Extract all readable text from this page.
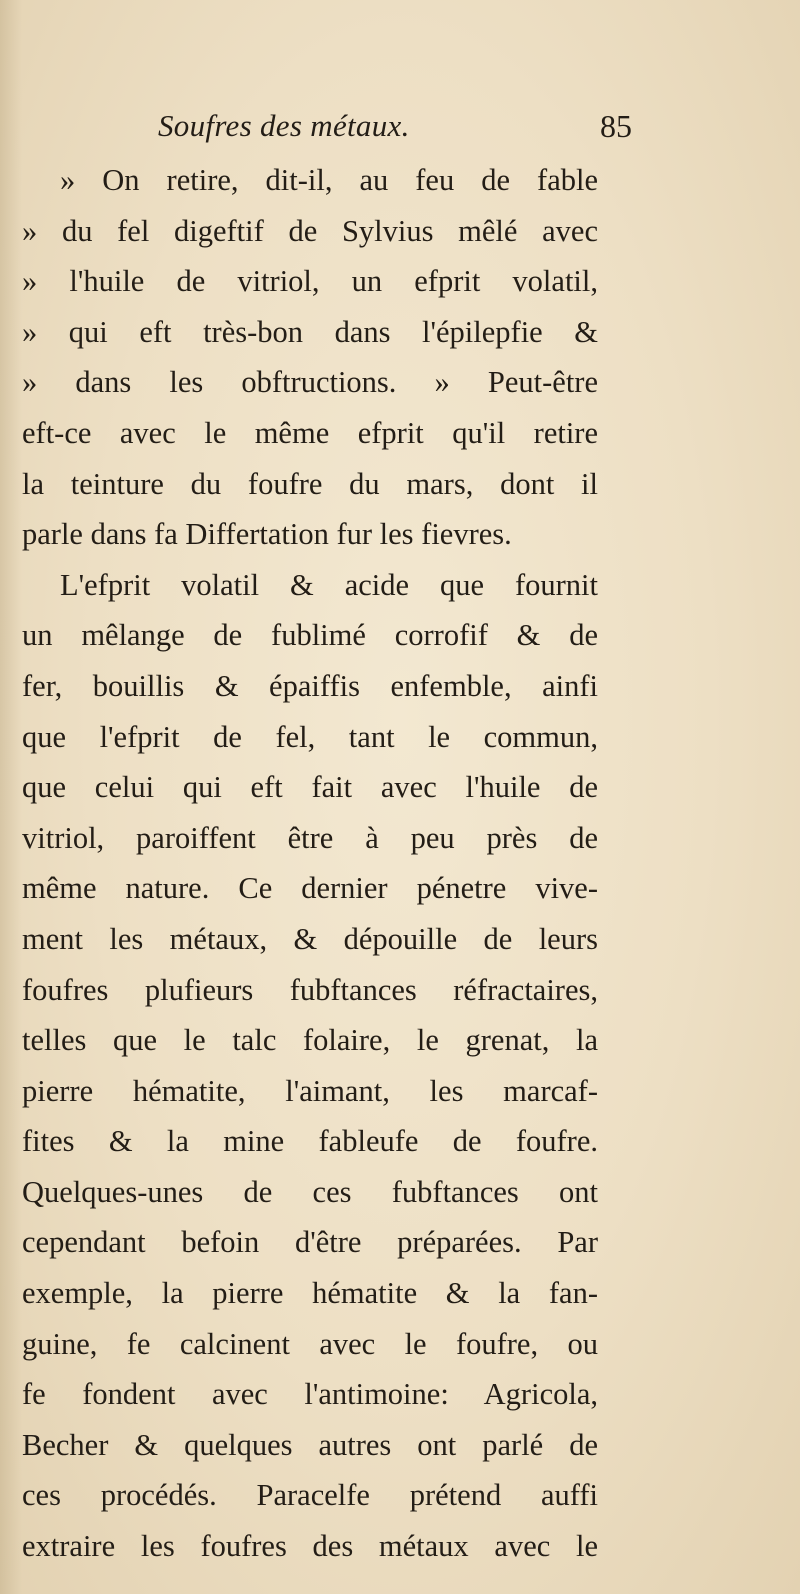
Soufres des métaux.	85
» On retire, dit-il, au feu de fable
» du fel digeftif de Sylvius mêlé avec
» l'huile de vitriol, un efprit volatil,
» qui eft très-bon dans l'épilepfie &
» dans les obftructions. » Peut-être
eft-ce avec le même efprit qu'il retire
la teinture du foufre du mars, dont il
parle dans fa Differtation fur les fievres.
L'efprit volatil & acide que fournit
un mêlange de fublimé corrofif & de
fer, bouillis & épaiffis enfemble, ainfi
que l'efprit de fel, tant le commun,
que celui qui eft fait avec l'huile de
vitriol, paroiffent être à peu près de
même nature. Ce dernier pénetre vive-
ment les métaux, & dépouille de leurs
foufres plufieurs fubftances réfractaires,
telles que le talc folaire, le grenat, la
pierre hématite, l'aimant, les marcaf-
fites & la mine fableufe de foufre.
Quelques-unes de ces fubftances ont
cependant befoin d'être préparées. Par
exemple, la pierre hématite & la fan-
guine, fe calcinent avec le foufre, ou
fe fondent avec l'antimoine: Agricola,
Becher & quelques autres ont parlé de
ces procédés. Paracelfe prétend auffi
extraire les foufres des métaux avec le
